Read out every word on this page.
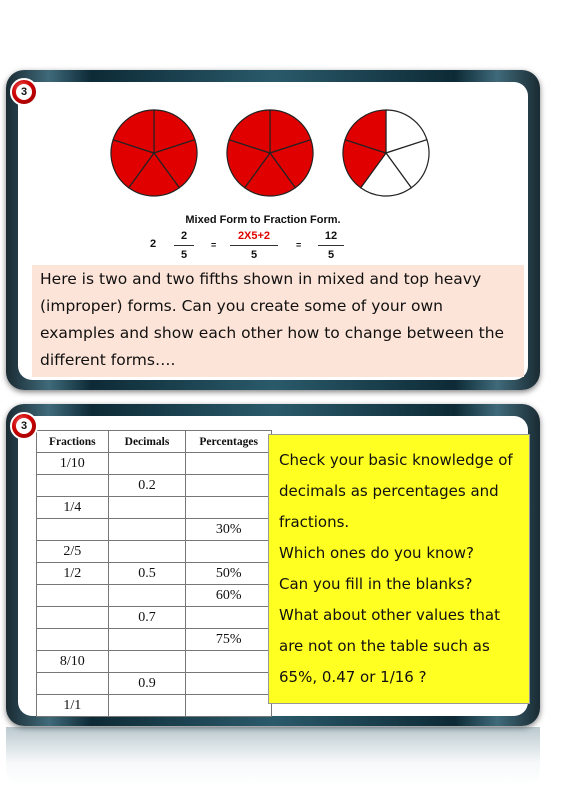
3
Mixed Form to Fraction Form.
2
2
5
=
2X5+2
5
=
12
5
Here is two and two fifths shown in mixed and top heavy
(improper) forms. Can you create some of your own
examples and show each other how to change between the
different forms….
3
Fractions	Decimals	Percentages
1/10		
	0.2	
1/4		
		30%
2/5		
1/2	0.5	50%
		60%
	0.7	
		75%
8/10		
	0.9	
1/1		
Check your basic knowledge of
decimals as percentages and
fractions.
Which ones do you know?
Can you fill in the blanks?
What about other values that
are not on the table such as
65%, 0.47 or 1/16 ?
